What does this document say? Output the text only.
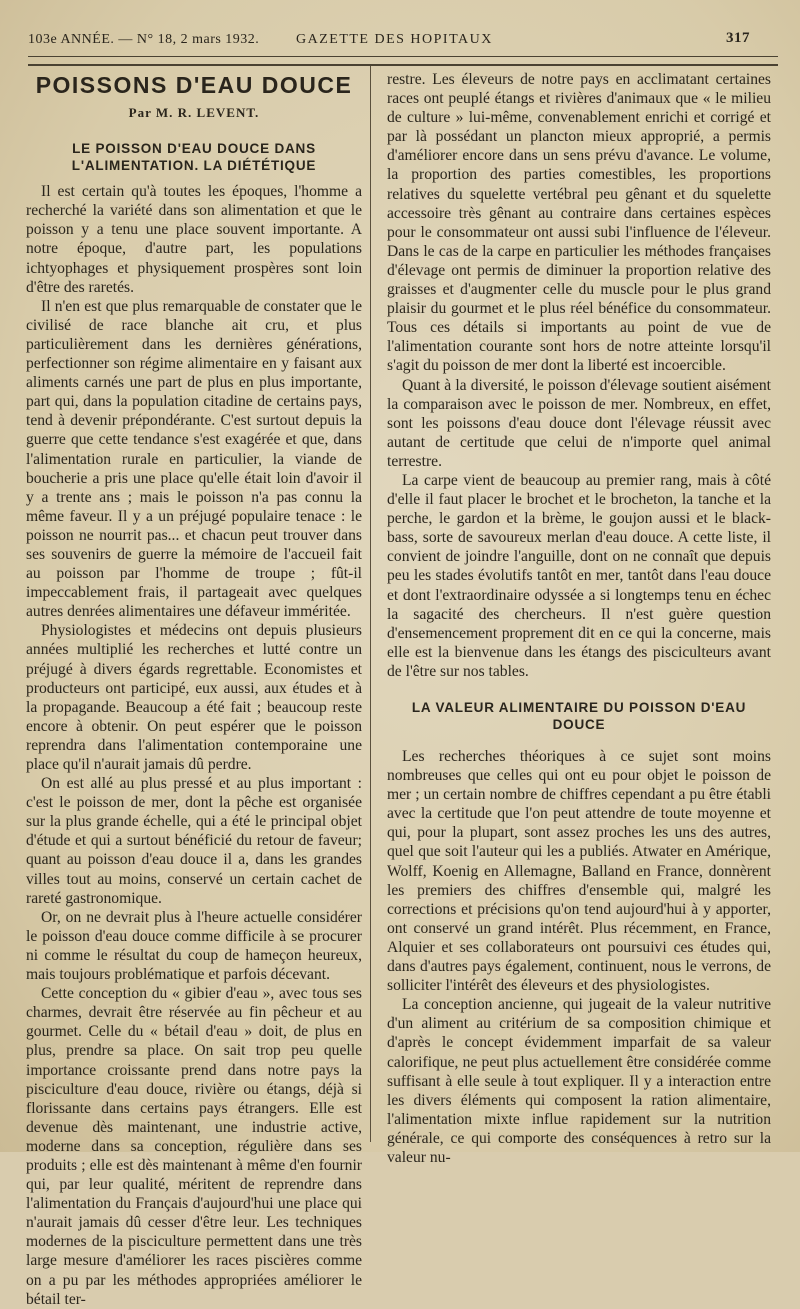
103e ANNÉE. — N° 18, 2 mars 1932.	GAZETTE DES HOPITAUX	317
POISSONS D'EAU DOUCE
Par M. R. LEVENT.
LE POISSON D'EAU DOUCE DANS L'ALIMENTATION. LA DIÉTÉTIQUE

Il est certain qu'à toutes les époques, l'homme a recherché la variété dans son alimentation et que le poisson y a tenu une place souvent importante. A notre époque, d'autre part, les populations ichtyophages et physiquement prospères sont loin d'être des raretés.

Il n'en est que plus remarquable de constater que le civilisé de race blanche ait cru, et plus particulièrement dans les dernières générations, perfectionner son régime alimentaire en y faisant aux aliments carnés une part de plus en plus importante, part qui, dans la population citadine de certains pays, tend à devenir prépondérante. C'est surtout depuis la guerre que cette tendance s'est exagérée et que, dans l'alimentation rurale en particulier, la viande de boucherie a pris une place qu'elle était loin d'avoir il y a trente ans ; mais le poisson n'a pas connu la même faveur. Il y a un préjugé populaire tenace : le poisson ne nourrit pas... et chacun peut trouver dans ses souvenirs de guerre la mémoire de l'accueil fait au poisson par l'homme de troupe ; fût-il impeccablement frais, il partageait avec quelques autres denrées alimentaires une défaveur imméritée.

Physiologistes et médecins ont depuis plusieurs années multiplié les recherches et lutté contre un préjugé à divers égards regrettable. Economistes et producteurs ont participé, eux aussi, aux études et à la propagande. Beaucoup a été fait ; beaucoup reste encore à obtenir. On peut espérer que le poisson reprendra dans l'alimentation contemporaine une place qu'il n'aurait jamais dû perdre.

On est allé au plus pressé et au plus important : c'est le poisson de mer, dont la pêche est organisée sur la plus grande échelle, qui a été le principal objet d'étude et qui a surtout bénéficié du retour de faveur; quant au poisson d'eau douce il a, dans les grandes villes tout au moins, conservé un certain cachet de rareté gastronomique.

Or, on ne devrait plus à l'heure actuelle considérer le poisson d'eau douce comme difficile à se procurer ni comme le résultat du coup de hameçon heureux, mais toujours problématique et parfois décevant.

Cette conception du « gibier d'eau », avec tous ses charmes, devrait être réservée au fin pêcheur et au gourmet. Celle du « bétail d'eau » doit, de plus en plus, prendre sa place. On sait trop peu quelle importance croissante prend dans notre pays la pisciculture d'eau douce, rivière ou étangs, déjà si florissante dans certains pays étrangers. Elle est devenue dès maintenant, une industrie active, moderne dans sa conception, régulière dans ses produits ; elle est dès maintenant à même d'en fournir qui, par leur qualité, méritent de reprendre dans l'alimentation du Français d'aujourd'hui une place qui n'aurait jamais dû cesser d'être leur. Les techniques modernes de la pisciculture permettent dans une très large mesure d'améliorer les races piscières comme on a pu par les méthodes appropriées améliorer le bétail ter-

restre. Les éleveurs de notre pays en acclimatant certaines races ont peuplé étangs et rivières d'animaux que « le milieu de culture » lui-même, convenablement enrichi et corrigé et par là possédant un plancton mieux approprié, a permis d'améliorer encore dans un sens prévu d'avance. Le volume, la proportion des parties comestibles, les proportions relatives du squelette vertébral peu gênant et du squelette accessoire très gênant au contraire dans certaines espèces pour le consommateur ont aussi subi l'influence de l'éleveur. Dans le cas de la carpe en particulier les méthodes françaises d'élevage ont permis de diminuer la proportion relative des graisses et d'augmenter celle du muscle pour le plus grand plaisir du gourmet et le plus réel bénéfice du consommateur. Tous ces détails si importants au point de vue de l'alimentation courante sont hors de notre atteinte lorsqu'il s'agit du poisson de mer dont la liberté est incoercible.

Quant à la diversité, le poisson d'élevage soutient aisément la comparaison avec le poisson de mer. Nombreux, en effet, sont les poissons d'eau douce dont l'élevage réussit avec autant de certitude que celui de n'importe quel animal terrestre.

La carpe vient de beaucoup au premier rang, mais à côté d'elle il faut placer le brochet et le brocheton, la tanche et la perche, le gardon et la brème, le goujon aussi et le black-bass, sorte de savoureux merlan d'eau douce. A cette liste, il convient de joindre l'anguille, dont on ne connaît que depuis peu les stades évolutifs tantôt en mer, tantôt dans l'eau douce et dont l'extraordinaire odyssée a si longtemps tenu en échec la sagacité des chercheurs. Il n'est guère question d'ensemencement proprement dit en ce qui la concerne, mais elle est la bienvenue dans les étangs des pisciculteurs avant de l'être sur nos tables.

LA VALEUR ALIMENTAIRE DU POISSON D'EAU DOUCE

Les recherches théoriques à ce sujet sont moins nombreuses que celles qui ont eu pour objet le poisson de mer ; un certain nombre de chiffres cependant a pu être établi avec la certitude que l'on peut attendre de toute moyenne et qui, pour la plupart, sont assez proches les uns des autres, quel que soit l'auteur qui les a publiés. Atwater en Amérique, Wolff, Koenig en Allemagne, Balland en France, donnèrent les premiers des chiffres d'ensemble qui, malgré les corrections et précisions qu'on tend aujourd'hui à y apporter, ont conservé un grand intérêt. Plus récemment, en France, Alquier et ses collaborateurs ont poursuivi ces études qui, dans d'autres pays également, continuent, nous le verrons, de solliciter l'intérêt des éleveurs et des physiologistes.

La conception ancienne, qui jugeait de la valeur nutritive d'un aliment au critérium de sa composition chimique et d'après le concept évidemment imparfait de sa valeur calorifique, ne peut plus actuellement être considérée comme suffisant à elle seule à tout expliquer. Il y a interaction entre les divers éléments qui composent la ration alimentaire, l'alimentation mixte influe rapidement sur la nutrition générale, ce qui comporte des conséquences à retro sur la valeur nu-
